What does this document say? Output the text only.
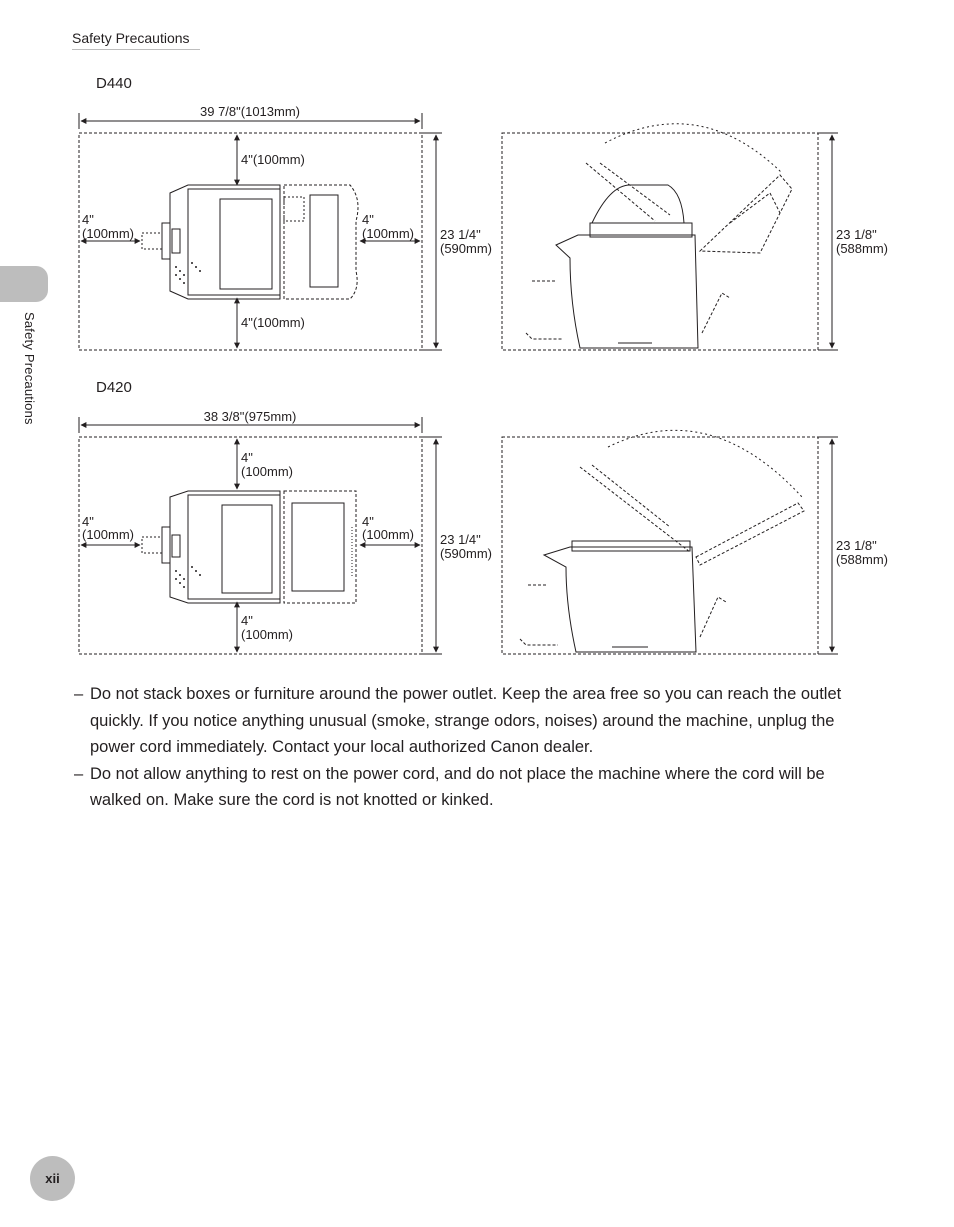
Safety Precautions
Safety Precautions
D440
39 7/8"(1013mm)
4"(100mm)
4"(100mm)
4"
(100mm)
4"
(100mm) 23 1/4"
(590mm)
23 1/8"
(588mm)
D420
38 3/8"(975mm)
4"
(100mm)
4"
(100mm)
4"
(100mm)
4"
(100mm) 23 1/4"
(590mm)
23 1/8"
(588mm)
– Do not stack boxes or furniture around the power outlet. Keep the area free so you can reach the outlet quickly. If you notice anything unusual (smoke, strange odors, noises) around the machine, unplug the power cord immediately. Contact your local authorized Canon dealer.
– Do not allow anything to rest on the power cord, and do not place the machine where the cord will be walked on. Make sure the cord is not knotted or kinked.
xii
